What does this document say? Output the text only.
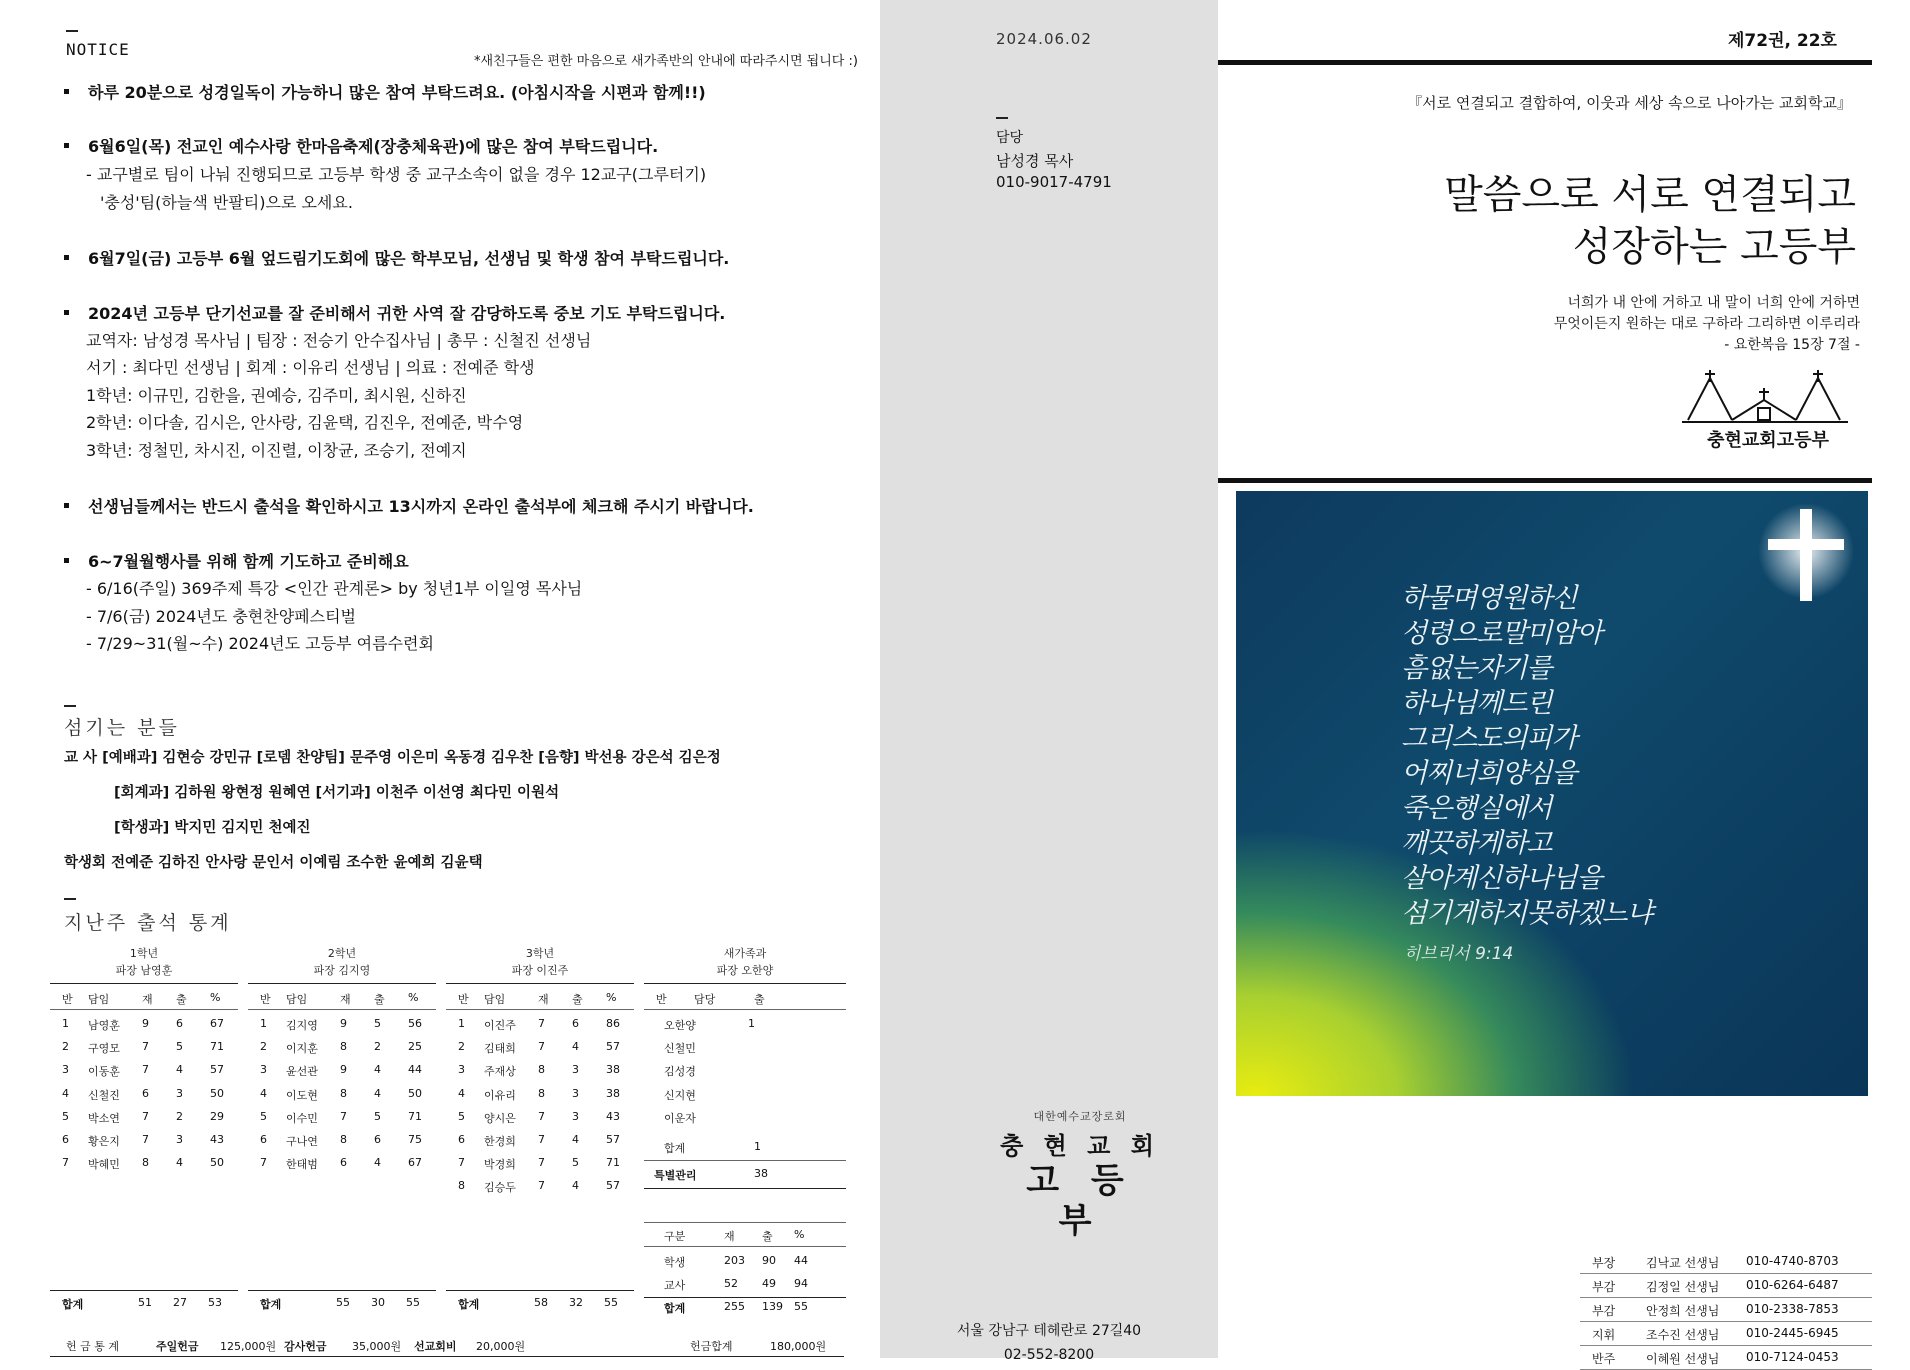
NOTICE
*새친구들은 편한 마음으로 새가족반의 안내에 따라주시면 됩니다 :)
하루 20분으로 성경일독이 가능하니 많은 참여 부탁드려요. (아침시작을 시편과 함께!!)
6월6일(목) 전교인 예수사랑 한마음축제(장충체육관)에 많은 참여 부탁드립니다.
- 교구별로 팀이 나눠 진행되므로 고등부 학생 중 교구소속이 없을 경우 12교구(그루터기)
'충성'팀(하늘색 반팔티)으로 오세요.
6월7일(금) 고등부 6월 엎드림기도회에 많은 학부모님, 선생님 및 학생 참여 부탁드립니다.
2024년 고등부 단기선교를 잘 준비해서 귀한 사역 잘 감당하도록 중보 기도 부탁드립니다.
교역자: 남성경 목사님 | 팀장 : 전승기 안수집사님 | 총무 : 신철진 선생님
서기 : 최다민 선생님 | 회계 : 이유리 선생님 | 의료 : 전예준 학생
1학년: 이규민, 김한을, 권예승, 김주미, 최시원, 신하진
2학년: 이다솔, 김시은, 안사랑, 김윤택, 김진우, 전예준, 박수영
3학년: 정철민, 차시진, 이진렬, 이창균, 조승기, 전예지
선생님들께서는 반드시 출석을 확인하시고 13시까지 온라인 출석부에 체크해 주시기 바랍니다.
6~7월월행사를 위해 함께 기도하고 준비해요
- 6/16(주일) 369주제 특강 <인간 관계론> by 청년1부 이일영 목사님
- 7/6(금) 2024년도 충현찬양페스티벌
- 7/29~31(월~수) 2024년도 고등부 여름수련회
섬기는 분들
교 사 [예배과] 김현승 강민규 [로뎀 찬양팀] 문주영 이은미 옥동경 김우찬 [음향] 박선용 강은석 김은정
[회계과] 김하원 왕현정 원혜연 [서기과] 이천주 이선영 최다민 이원석
[학생과] 박지민 김지민 천예진
학생회 전예준 김하진 안사랑 문인서 이예림 조수한 윤예희 김윤택
지난주 출석 통계
1학년
파장 남영훈
반 담임	재 출 %
1 남영훈 9 6 67
2 구영모 7 5 71
3 이동훈 7 4 57
4 신철진 6 3 50
5 박소연 7 2 29
6 황은지 7 3 43
7 박혜민 8 4 50
합계	51 27 53
2학년
파장 김지영
반 담임	재 출 %
1 김지영 9 5 56
2 이지훈 8 2 25
3 윤선관 9 4 44
4 이도현 8 4 50
5 이수민 7 5 71
6 구나연 8 6 75
7 한태범 6 4 67
합계	55 30 55
3학년
파장 이진주
반 담임	재 출 %
1 이진주 7 6 86
2 김태희 7 4 57
3 주재상 8 3 38
4 이유리 8 3 38
5 양시은 7 3 43
6 한경희 7 4 57
7 박경희 7 5 71
8 김승두 7 4 57
합계	58 32 55
새가족과
파장 오한양
반 담당	출
오한양	1
신철민
김성경
신지현
이운자
합계	1
특별관리	38
구분	재 출 %
학생	203 90 44
교사	52 49 94
합계	255 139 55
헌 금 통 계	주일헌금 125,000원 감사헌금 35,000원 선교회비 20,000원	헌금합계	180,000원
2024.06.02
담당
남성경 목사
010-9017-4791
대한예수교장로회
충 현 교 회
고 등 부
서울 강남구 테헤란로 27길40
02-552-8200
제72권, 22호
『서로 연결되고 결합하여, 이웃과 세상 속으로 나아가는 교회학교』
말씀으로 서로 연결되고
성장하는 고등부
너희가 내 안에 거하고 내 말이 너희 안에 거하면
무엇이든지 원하는 대로 구하라 그리하면 이루리라
- 요한복음 15장 7절 -
충현교회고등부
하물며영원하신
성령으로말미암아
흠없는자기를
하나님께드린
그리스도의피가
어찌너희양심을
죽은행실에서
깨끗하게하고
살아계신하나님을
섬기게하지못하겠느냐
히브리서 9:14
부장	김낙교 선생님 010-4740-8703
부감	김정일 선생님 010-6264-6487
부감	안정희 선생님 010-2338-7853
지휘	조수진 선생님 010-2445-6945
반주	이혜원 선생님 010-7124-0453
